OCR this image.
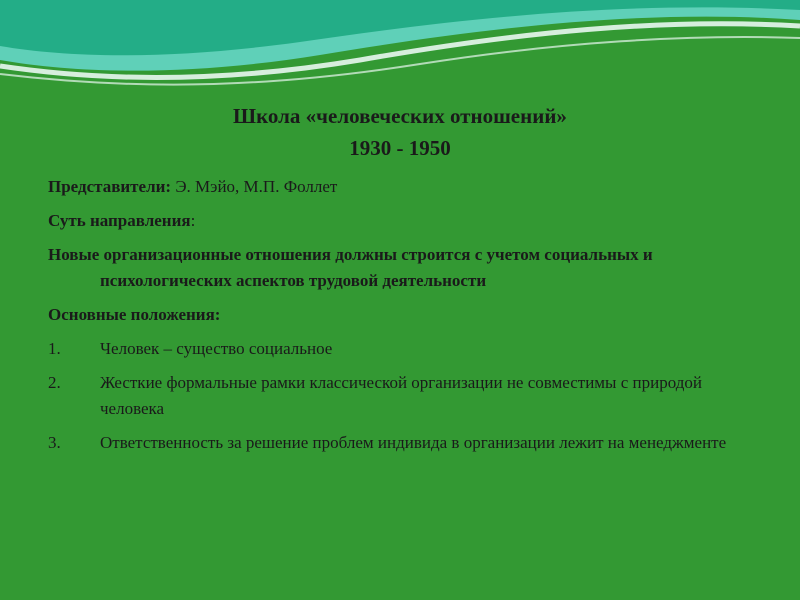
Школа «человеческих отношений»
1930 - 1950

Представители: Э. Мэйо, М.П. Фоллет

Суть направления:

Новые организационные отношения должны строится с учетом социальных и психологических аспектов трудовой деятельности

Основные положения:

1.	Человек – существо социальное
2.	Жесткие формальные рамки классической организации не совместимы с природой человека
3.	Ответственность за решение проблем индивида в организации лежит на менеджменте
